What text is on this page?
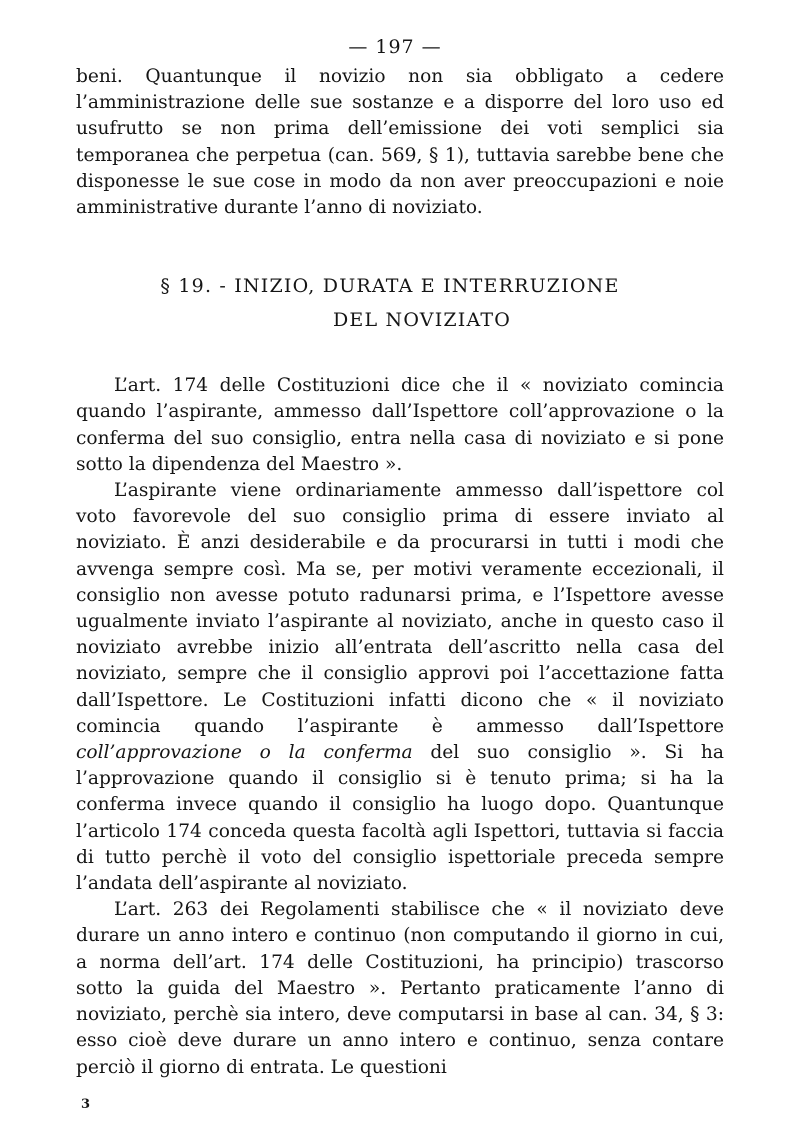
— 197 —

beni. Quantunque il novizio non sia obbligato a cedere l’amministrazione delle sue sostanze e a disporre del loro uso ed usufrutto se non prima dell’emissione dei voti semplici sia temporanea che perpetua (can. 569, § 1), tuttavia sarebbe bene che disponesse le sue cose in modo da non aver preoccupazioni e noie amministrative durante l’anno di noviziato.

§ 19. - INIZIO, DURATA E INTERRUZIONE
DEL NOVIZIATO

L’art. 174 delle Costituzioni dice che il « noviziato comincia quando l’aspirante, ammesso dall’Ispettore coll’approvazione o la conferma del suo consiglio, entra nella casa di noviziato e si pone sotto la dipendenza del Maestro ».

L’aspirante viene ordinariamente ammesso dall’ispettore col voto favorevole del suo consiglio prima di essere inviato al noviziato. È anzi desiderabile e da procurarsi in tutti i modi che avvenga sempre così. Ma se, per motivi veramente eccezionali, il consiglio non avesse potuto radunarsi prima, e l’Ispettore avesse ugualmente inviato l’aspirante al noviziato, anche in questo caso il noviziato avrebbe inizio all’entrata dell’ascritto nella casa del noviziato, sempre che il consiglio approvi poi l’accettazione fatta dall’Ispettore. Le Costituzioni infatti dicono che « il noviziato comincia quando l’aspirante è ammesso dall’Ispettore coll’approvazione o la conferma del suo consiglio ». Si ha l’approvazione quando il consiglio si è tenuto prima; si ha la conferma invece quando il consiglio ha luogo dopo. Quantunque l’articolo 174 conceda questa facoltà agli Ispettori, tuttavia si faccia di tutto perchè il voto del consiglio ispettoriale preceda sempre l’andata dell’aspirante al noviziato.

L’art. 263 dei Regolamenti stabilisce che « il noviziato deve durare un anno intero e continuo (non computando il giorno in cui, a norma dell’art. 174 delle Costituzioni, ha principio) trascorso sotto la guida del Maestro ». Pertanto praticamente l’anno di noviziato, perchè sia intero, deve computarsi in base al can. 34, § 3: esso cioè deve durare un anno intero e continuo, senza contare perciò il giorno di entrata. Le questioni

3
